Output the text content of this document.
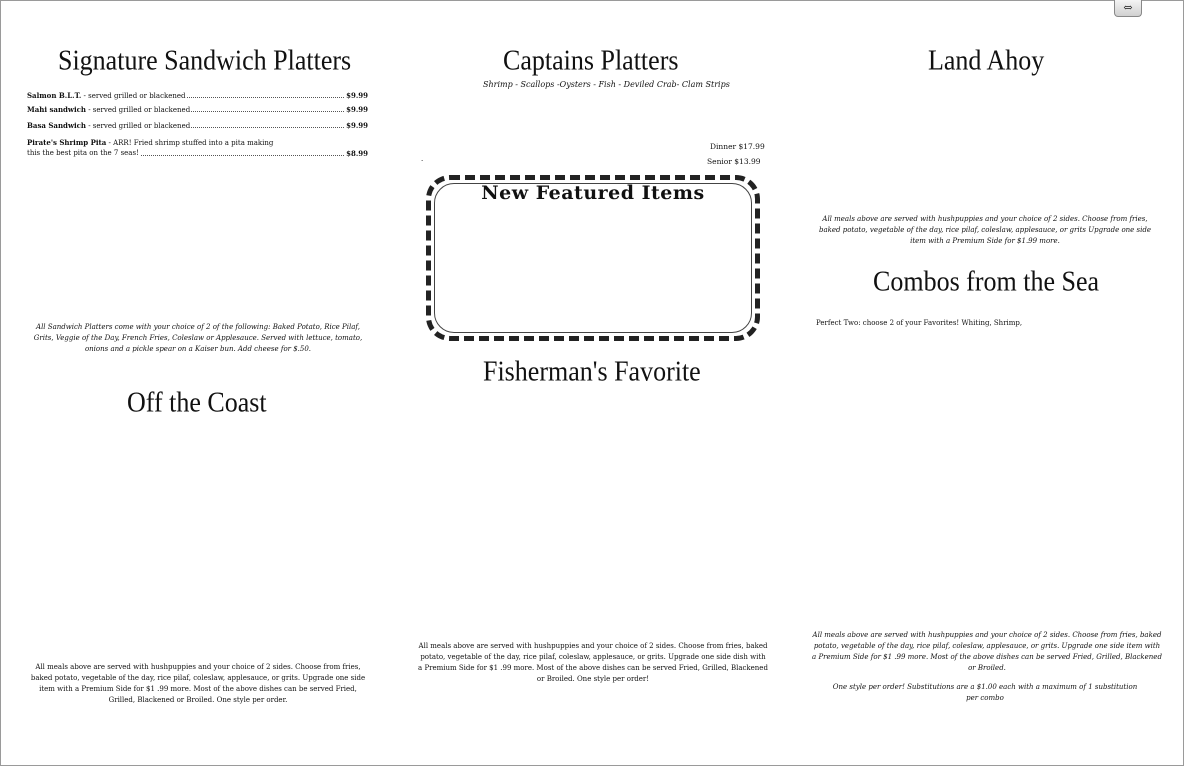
⇔
Signature Sandwich Platters
Salmon B.L.T. - served grilled or blackened	$9.99
Mahi sandwich - served grilled or blackened	$9.99
Basa Sandwich - served grilled or blackened	$9.99
Pirate's Shrimp Pita - ARR! Fried shrimp stuffed into a pita making
this the best pita on the 7 seas!	$8.99
All Sandwich Platters come with your choice of 2 of the following: Baked Potato, Rice Pilaf, Grits, Veggie of the Day, French Fries, Coleslaw or Applesauce. Served with lettuce, tomato, onions and a pickle spear on a Kaiser bun. Add cheese for $.50.
Off the Coast
All meals above are served with hushpuppies and your choice of 2 sides. Choose from fries, baked potato, vegetable of the day, rice pilaf, coleslaw, applesauce, or grits. Upgrade one side item with a Premium Side for $1 .99 more. Most of the above dishes can be served Fried, Grilled, Blackened or Broiled. One style per order.
Captains Platters
Shrimp - Scallops -Oysters - Fish - Deviled Crab- Clam Strips
Dinner $17.99
Senior $13.99
·
New Featured Items
Fisherman's Favorite
All meals above are served with hushpuppies and your choice of 2 sides. Choose from fries, baked potato, vegetable of the day, rice pilaf, coleslaw, applesauce, or grits. Upgrade one side dish with a Premium Side for $1 .99 more. Most of the above dishes can be served Fried, Grilled, Blackened or Broiled. One style per order!
Land Ahoy
All meals above are served with hushpuppies and your choice of 2 sides. Choose from fries, baked potato, vegetable of the day, rice pilaf, coleslaw, applesauce, or grits Upgrade one side item with a Premium Side for $1.99 more.
Combos from the Sea
Perfect Two: choose 2 of your Favorites! Whiting, Shrimp,
All meals above are served with hushpuppies and your choice of 2 sides. Choose from fries, baked potato, vegetable of the day, rice pilaf, coleslaw, applesauce, or grits. Upgrade one side item with a Premium Side for $1 .99 more. Most of the above dishes can be served Fried, Grilled, Blackened or Broiled.
One style per order! Substitutions are a $1.00 each with a maximum of 1 substitution per combo
